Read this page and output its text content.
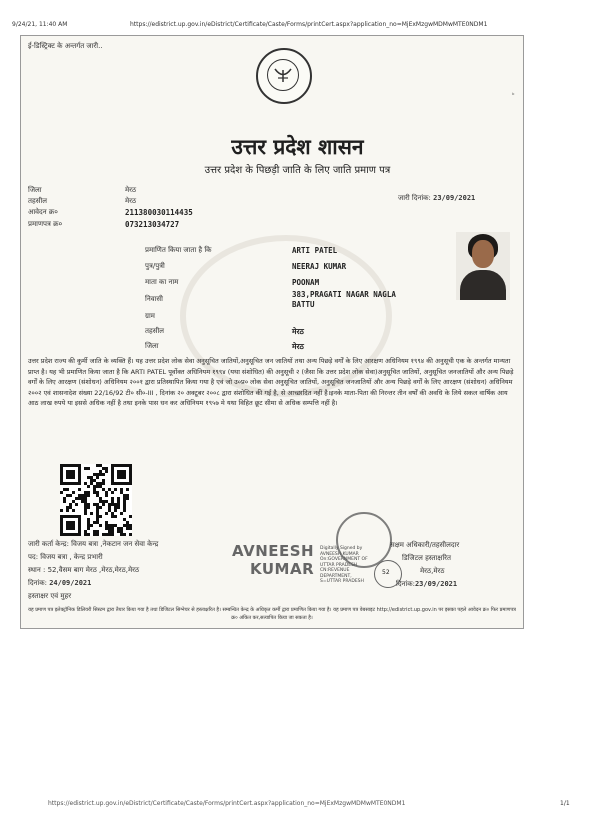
9/24/21, 11:40 AM	https://edistrict.up.gov.in/eDistrict/Certificate/Caste/Forms/printCert.aspx?application_no=MjExMzgwMDMwMTE0NDM1
ई-डिस्ट्रिक्ट के अन्तर्गत जारी..
ᵇ
उत्तर प्रदेश शासन
उत्तर प्रदेश के पिछड़ी जाति के लिए जाति प्रमाण पत्र
जिला	मेरठ
तहसील	मेरठ
आवेदन क्र०	211380030114435
प्रमाणपत्र क्र०	073213034727
जारी दिनांक: 23/09/2021
प्रमाणित किया जाता है कि	ARTI PATEL
पुत्र/पुत्री	NEERAJ KUMAR
माता का नाम	POONAM
निवासी	383,PRAGATI NAGAR NAGLA
BATTU
ग्राम
तहसील	मेरठ
जिला	मेरठ
उत्तर प्रदेश राज्य की कुर्मी जाति के व्यक्ति हैं। यह उत्तर प्रदेश लोक सेवा अनुसूचित जातियों,अनुसूचित जन जातियों तथा अन्य पिछड़े वर्गों के लिए आरक्षण अधिनियम १९९४ की अनुसूची एक के अन्तर्गत मान्यता प्राप्त है। यह भी प्रमाणित किया जाता है कि ARTI PATEL पूर्वोक्त अधिनियम १९९४ (यथा संशोधित) की अनुसूची २ (जैसा कि उत्तर प्रदेश लोक सेवा)अनुसूचित जातियों, अनुसूचित जनजातियों और अन्य पिछड़े वर्गों के लिए आरक्षण (संशोधन) अधिनियम २००१ द्वारा प्रतिस्थापित किया गया है एवं जो उ०प्र० लोक सेवा अनुसूचित जातियों, अनुसूचित जनजातियों और अन्य पिछड़े वर्गों के लिए आरक्षण (संशोधन) अधिनियम २००२ एवं शासनादेश संख्या 22/16/92 टी० सी०-III , दिनांक २० अक्टूबर २००८ द्वारा संशोधित की गई है, से आच्छादित नहीं है।इनके माता-पिता की निरन्तर तीन वर्षों की अवधि के लिये सकल वार्षिक आय आठ लाख रुपये या इससे अधिक नहीं है तथा इनके पास धन कर अधिनियम १९५७ मे यथा विहित छूट सीमा से अधिक सम्पत्ति नहीं है।
जारी कर्ता केन्द्र: विजय बत्रा ,नेकटान जन सेवा केन्द्र
पद: विजय बत्रा , केन्द्र प्रभारी
स्थान : 52,वैसम बाग मेरठ ,मेरठ,मेरठ,मेरठ
दिनांक: 24/09/2021
हस्ताक्षर एवं मुहर
AVNEESH
KUMAR
Digitally Signed by
AVNEESH KUMAR
On:GOVERNMENT OF
UTTAR PRADESH
CN:REVENUE
DEPARTMENT,
S=UTTAR PRADESH
52
सक्षम अधिकारी/तहसीलदार
डिजिटल हस्ताक्षरित
मेरठ,मेरठ
दिनांक:23/09/2021
यह प्रमाण पत्र इलेक्ट्रॉनिक डिलिवरी सिस्टम द्वारा तैयार किया गया है तथा डिजिटल सिग्नेचर से हस्ताक्षरित है। सम्बन्धित केन्द्र के अधिकृत कर्मी द्वारा प्रमाणित किया गया है। यह प्रमाण पत्र वेबसाइट http://edistrict.up.gov.in पर इसका पहले आवेदन क्र० फिर प्रमाणपत्र क्र० अंकित कर,सत्यापित किया जा सकता है।
https://edistrict.up.gov.in/eDistrict/Certificate/Caste/Forms/printCert.aspx?application_no=MjExMzgwMDMwMTE0NDM1	1/1
